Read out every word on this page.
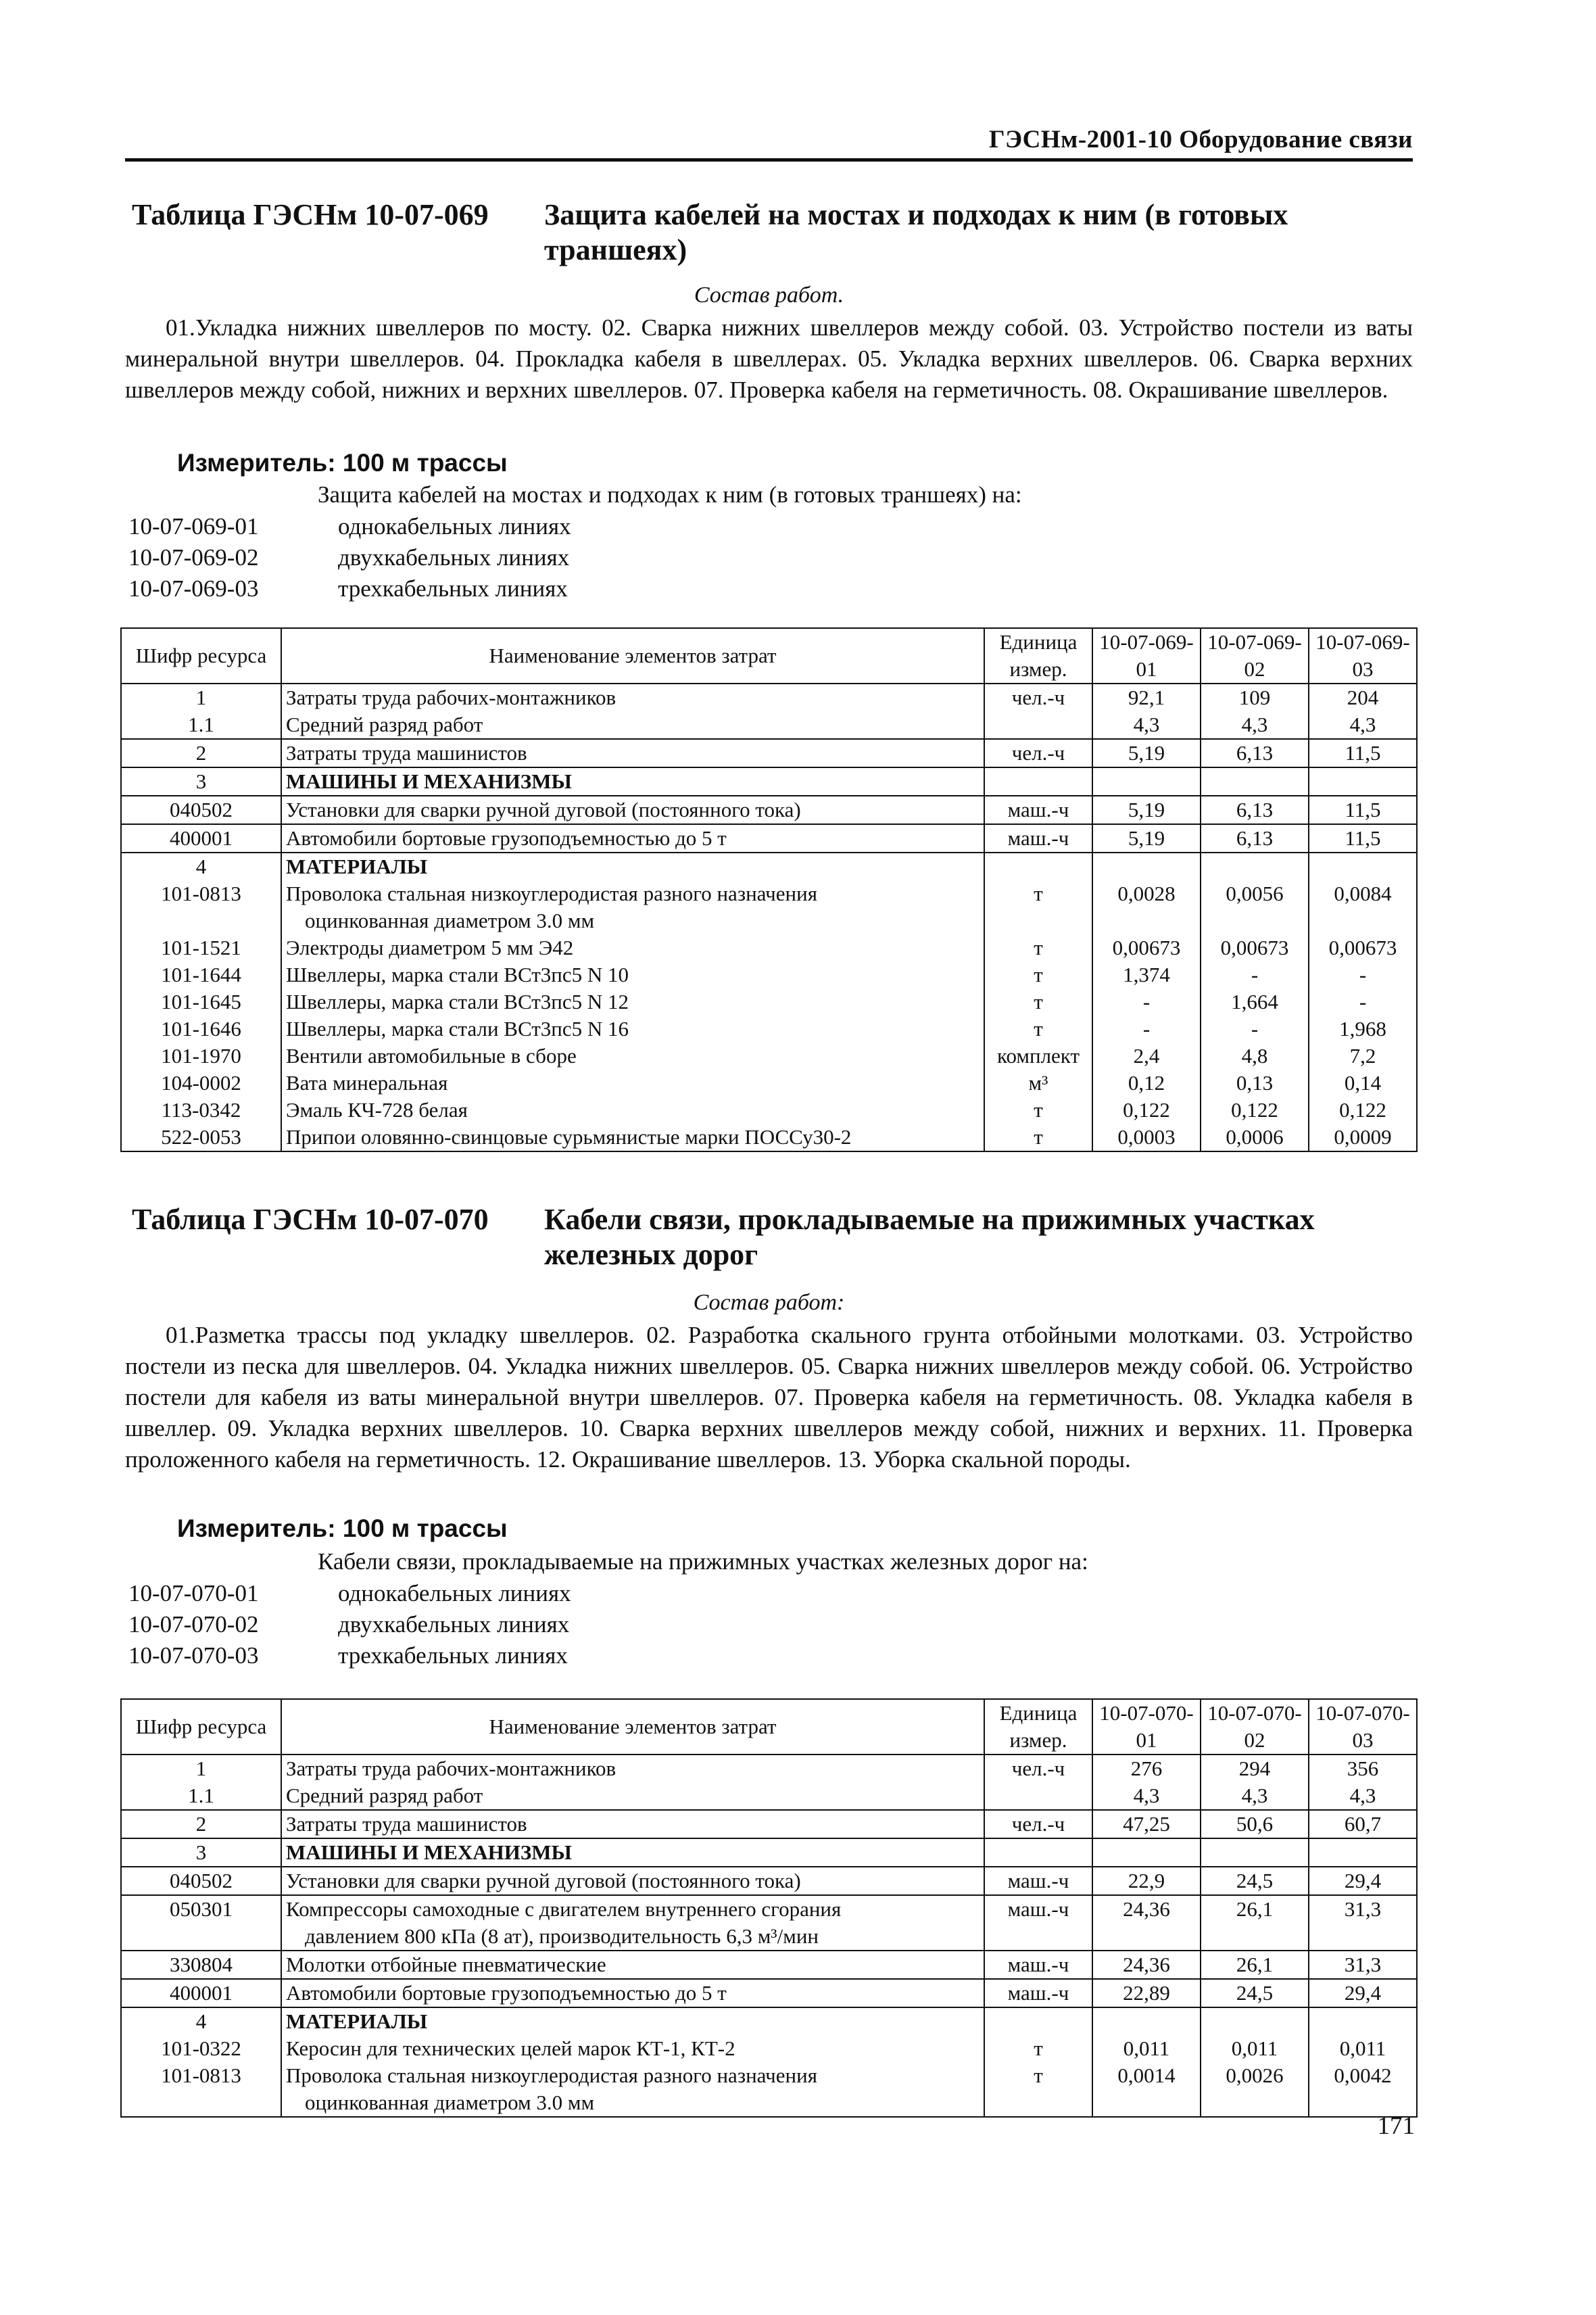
ГЭСНм-2001-10 Оборудование связи
Таблица ГЭСНм 10-07-069 Защита кабелей на мостах и подходах к ним (в готовых траншеях)
Состав работ.
01.Укладка нижних швеллеров по мосту. 02. Сварка нижних швеллеров между собой. 03. Устройство постели из ваты минеральной внутри швеллеров. 04. Прокладка кабеля в швеллерах. 05. Укладка верхних швеллеров. 06. Сварка верхних швеллеров между собой, нижних и верхних швеллеров. 07. Проверка кабеля на герметичность. 08. Окрашивание швеллеров.
Измеритель: 100 м трассы
Защита кабелей на мостах и подходах к ним (в готовых траншеях) на:
10-07-069-01	однокабельных линиях
10-07-069-02	двухкабельных линиях
10-07-069-03	трехкабельных линиях
Шифр ресурса	Наименование элементов затрат	Единица измер.	10-07-069-01	10-07-069-02	10-07-069-03
1	Затраты труда рабочих-монтажников	чел.-ч	92,1	109	204
1.1	Средний разряд работ		4,3	4,3	4,3
2	Затраты труда машинистов	чел.-ч	5,19	6,13	11,5
3	МАШИНЫ И МЕХАНИЗМЫ				

040502	Установки для сварки ручной дуговой (постоянного тока)	маш.-ч	5,19	6,13	11,5
400001	Автомобили бортовые грузоподъемностью до 5 т	маш.-ч	5,19	6,13	11,5
4	МАТЕРИАЛЫ				

101-0813	Проволока стальная низкоуглеродистая разного назначения
оцинкованная диаметром 3.0 мм	т	0,0028	0,0056	0,0084
101-1521	Электроды диаметром 5 мм Э42	т	0,00673	0,00673	0,00673
101-1644	Швеллеры, марка стали ВСт3пс5 N 10	т	1,374	-	-
101-1645	Швеллеры, марка стали ВСт3пс5 N 12	т	-	1,664	-
101-1646	Швеллеры, марка стали ВСт3пс5 N 16	т	-	-	1,968
101-1970	Вентили автомобильные в сборе	комплект	2,4	4,8	7,2
104-0002	Вата минеральная	м³	0,12	0,13	0,14
113-0342	Эмаль КЧ-728 белая	т	0,122	0,122	0,122
522-0053	Припои оловянно-свинцовые сурьмянистые марки ПОССу30-2	т	0,0003	0,0006	0,0009
Таблица ГЭСНм 10-07-070 Кабели связи, прокладываемые на прижимных участках железных дорог
Состав работ:
01.Разметка трассы под укладку швеллеров. 02. Разработка скального грунта отбойными молотками. 03. Устройство постели из песка для швеллеров. 04. Укладка нижних швеллеров. 05. Сварка нижних швеллеров между собой. 06. Устройство постели для кабеля из ваты минеральной внутри швеллеров. 07. Проверка кабеля на герметичность. 08. Укладка кабеля в швеллер. 09. Укладка верхних швеллеров. 10. Сварка верхних швеллеров между собой, нижних и верхних. 11. Проверка проложенного кабеля на герметичность. 12. Окрашивание швеллеров. 13. Уборка скальной породы.
Измеритель: 100 м трассы
Кабели связи, прокладываемые на прижимных участках железных дорог на:
10-07-070-01	однокабельных линиях
10-07-070-02	двухкабельных линиях
10-07-070-03	трехкабельных линиях
Шифр ресурса	Наименование элементов затрат	Единица измер.	10-07-070-01	10-07-070-02	10-07-070-03
1	Затраты труда рабочих-монтажников	чел.-ч	276	294	356
1.1	Средний разряд работ		4,3	4,3	4,3
2	Затраты труда машинистов	чел.-ч	47,25	50,6	60,7
3	МАШИНЫ И МЕХАНИЗМЫ				

040502	Установки для сварки ручной дуговой (постоянного тока)	маш.-ч	22,9	24,5	29,4
050301	Компрессоры самоходные с двигателем внутреннего сгорания
давлением 800 кПа (8 ат), производительность 6,3 м³/мин	маш.-ч	24,36	26,1	31,3
330804	Молотки отбойные пневматические	маш.-ч	24,36	26,1	31,3
400001	Автомобили бортовые грузоподъемностью до 5 т	маш.-ч	22,89	24,5	29,4
4	МАТЕРИАЛЫ				

101-0322	Керосин для технических целей марок КТ-1, КТ-2	т	0,011	0,011	0,011
101-0813	Проволока стальная низкоуглеродистая разного назначения
оцинкованная диаметром 3.0 мм	т	0,0014	0,0026	0,0042
171
